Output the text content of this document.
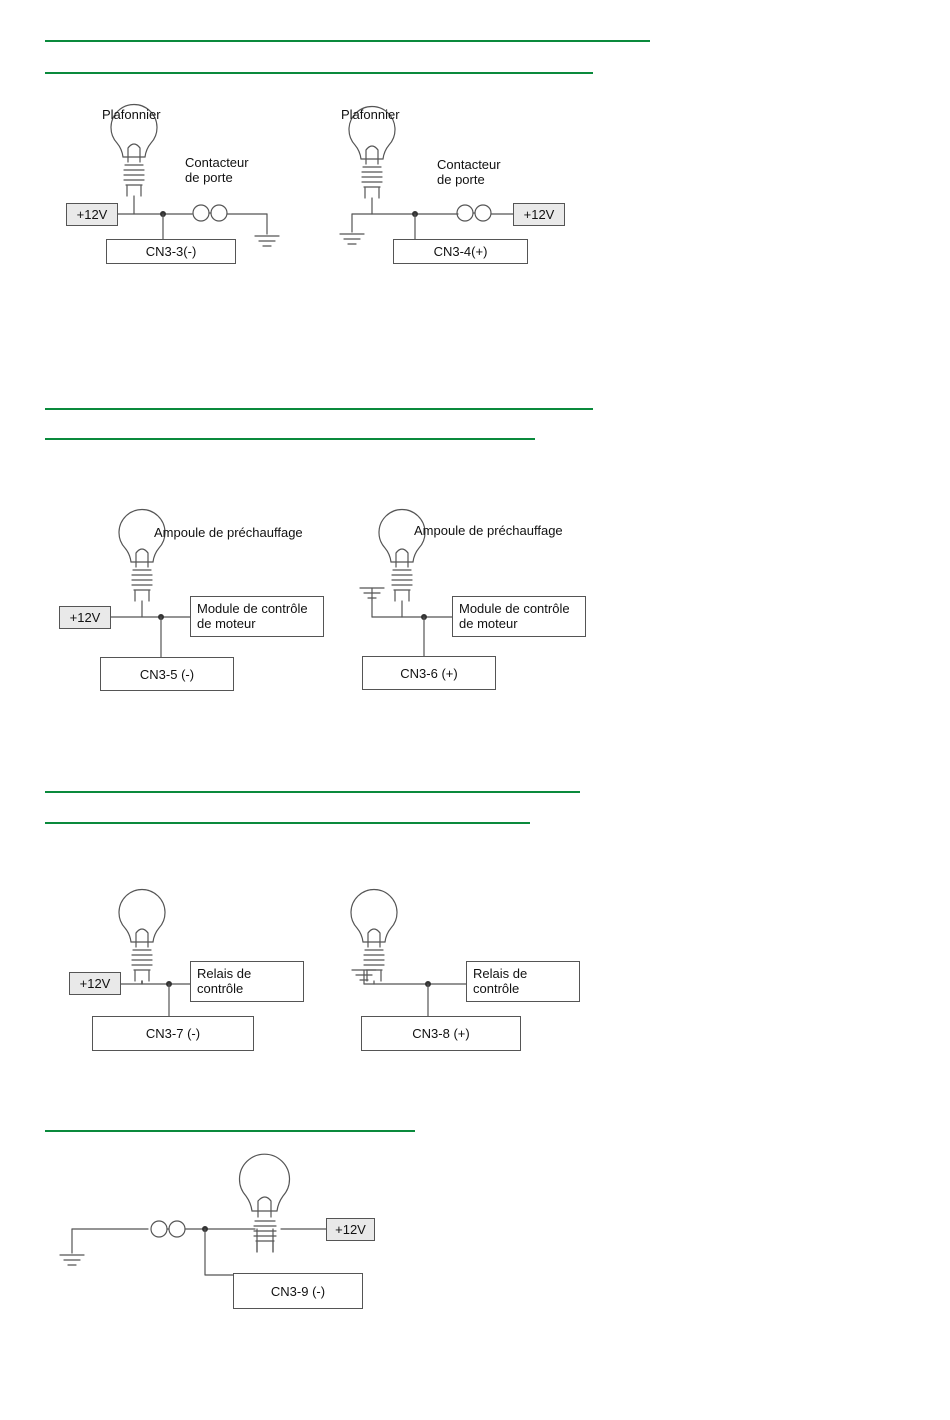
Plafonnier
Contacteur
de porte
+12V
CN3-3(-)
Plafonnier
Contacteur
de porte
+12V
CN3-4(+)
Ampoule de préchauffage
+12V
Module de contrôle
de moteur
CN3-5 (-)
Ampoule de préchauffage
Module de contrôle
de moteur
CN3-6 (+)
+12V
Relais de
contrôle
CN3-7 (-)
Relais de
contrôle
CN3-8 (+)
+12V
CN3-9 (-)
